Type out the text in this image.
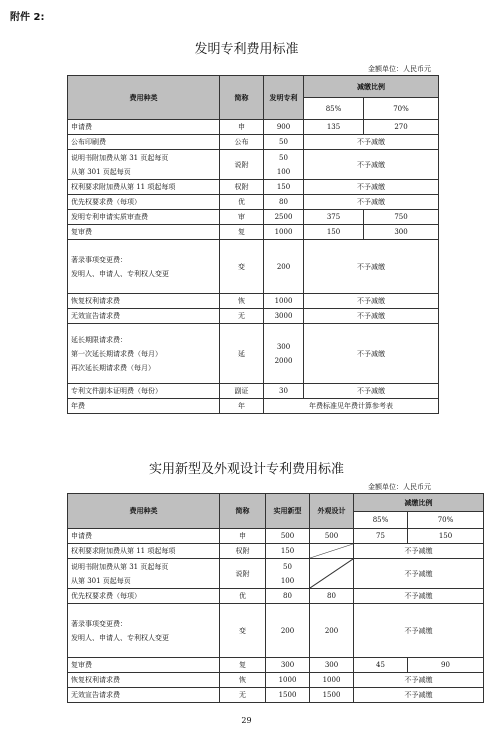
附件 2:
发明专利费用标准
金额单位：人民币元
费用种类	简称	发明专利	减缴比例	
			85%	70%

申请费	申	900	135	270

公布印刷费	公布	50	不予减缴	

说明书附加费从第 31 页起每页
从第 301 页起每页	说附	50
100	不予减缴	

权利要求附加费从第 11 项起每项	权附	150	不予减缴	

优先权要求费（每项）	优	80	不予减缴	

发明专利申请实质审查费	审	2500	375	750

复审费	复	1000	150	300

著录事项变更费：
发明人、申请人、专利权人变更	变	200	不予减缴	

恢复权利请求费	恢	1000	不予减缴	

无效宣告请求费	无	3000	不予减缴	

延长期限请求费：
第一次延长期请求费（每月）
再次延长期请求费（每月）	延	300
2000	不予减缴	

专利文件副本证明费（每份）	副证	30	不予减缴	

年费	年	年费标准见年费计算参考表		
实用新型及外观设计专利费用标准
金额单位：人民币元
费用种类	简称	实用新型	外观设计	减缴比例	
				85%	70%

申请费	申	500	500	75	150

权利要求附加费从第 11 项起每项	权附	150		不予减缴	

说明书附加费从第 31 页起每页
从第 301 页起每页	说附	50
100		不予减缴	

优先权要求费（每项）	优	80	80	不予减缴	

著录事项变更费：
发明人、申请人、专利权人变更	变	200	200	不予减缴	

复审费	复	300	300	45	90

恢复权利请求费	恢	1000	1000	不予减缴	

无效宣告请求费	无	1500	1500	不予减缴	
29
